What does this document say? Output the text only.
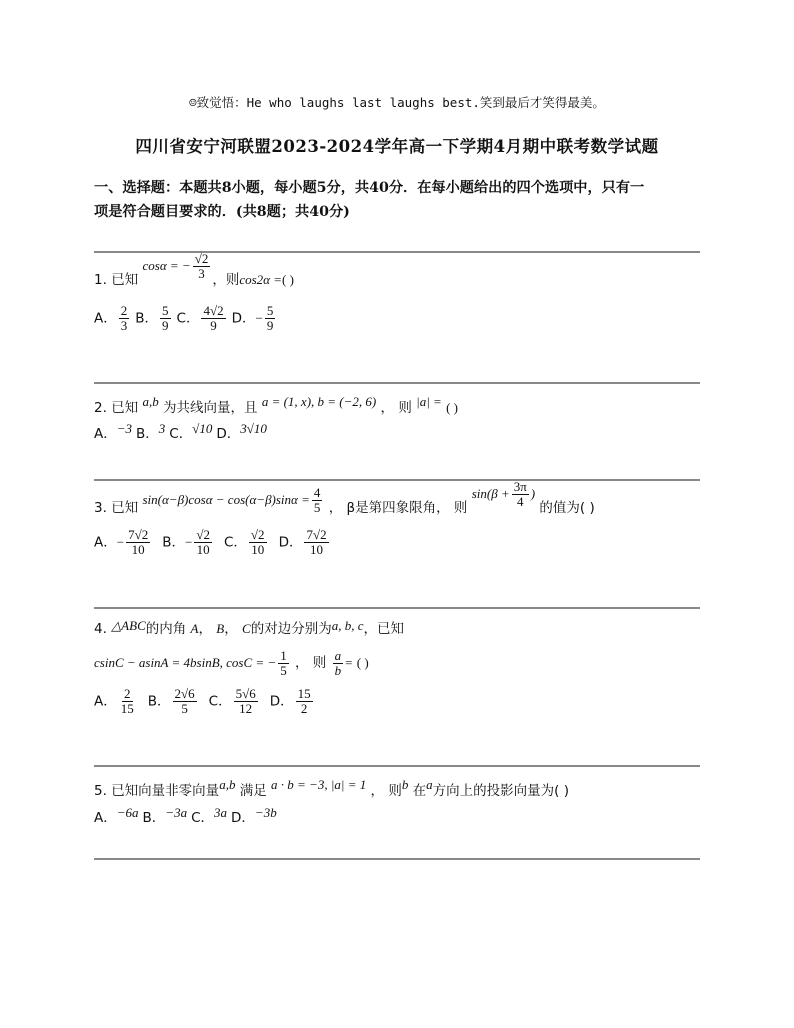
☺致觉悟：He who laughs last laughs best.笑到最后才笑得最美。
四川省安宁河联盟2023-2024学年高一下学期4月期中联考数学试题
一、选择题：本题共8小题，每小题5分，共40分．在每小题给出的四个选项中，只有一
项是符合题目要求的．(共8题；共40分)
1. 已知 cosα = − $\frac{√2}{3}$ ，则cos2α =( )
A． $\frac{2}{3}$ B． $\frac{5}{9}$ C． $\frac{4√2}{9}$ D．− $\frac{5}{9}$
2. 已知 a,b 为共线向量，且 a = (1, x), b = (−2, 6) ， 则 |a| = ( )
A．−3 B．3 C．√10 D．3√10
3. 已知 $\sin(\alpha-\beta)\cos\alpha - \cos(\alpha-\beta)\sin\alpha = \frac{4}{5}$ ， β是第四象限角， 则 $\sin(\beta + \frac{3\pi}{4}$ ) 的值为( )
A．− $\frac{7√2}{10}$ B．− $\frac{√2}{10}$ C． $\frac{√2}{10}$ D． $\frac{7√2}{10}$
4. △ABC的内角 A， B， C的对边分别为a, b, c，已知
csinC − asinA = 4bsinB, cosC = − $\frac{1}{5}$ ， 则 $\frac{a}{b}$ = ( )
A． $\frac{2}{15}$ B． $\frac{2√6}{5}$ C． $\frac{5√6}{12}$ D． $\frac{15}{2}$
5. 已知向量非零向量a,b 满足 a · b = −3, |a| = 1 ， 则b 在a方向上的投影向量为( )
A．−6a B．−3a C．3a D．−3b
